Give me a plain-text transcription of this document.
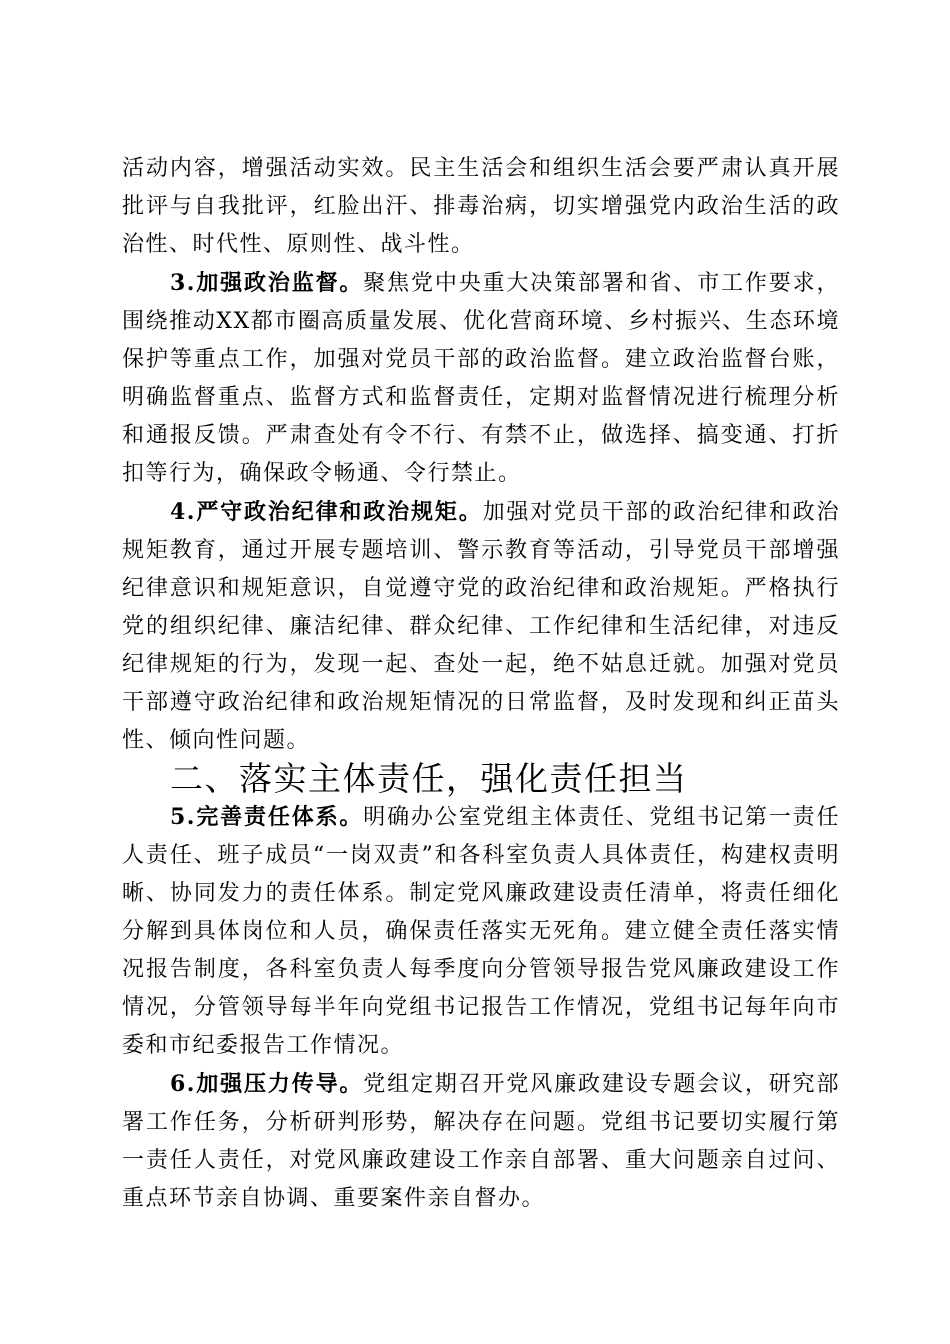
活动内容，增强活动实效。民主生活会和组织生活会要严肃认真开展批评与自我批评，红脸出汗、排毒治病，切实增强党内政治生活的政治性、时代性、原则性、战斗性。

3.加强政治监督。聚焦党中央重大决策部署和省、市工作要求，围绕推动XX都市圈高质量发展、优化营商环境、乡村振兴、生态环境保护等重点工作，加强对党员干部的政治监督。建立政治监督台账，明确监督重点、监督方式和监督责任，定期对监督情况进行梳理分析和通报反馈。严肃查处有令不行、有禁不止，做选择、搞变通、打折扣等行为，确保政令畅通、令行禁止。

4.严守政治纪律和政治规矩。加强对党员干部的政治纪律和政治规矩教育，通过开展专题培训、警示教育等活动，引导党员干部增强纪律意识和规矩意识，自觉遵守党的政治纪律和政治规矩。严格执行党的组织纪律、廉洁纪律、群众纪律、工作纪律和生活纪律，对违反纪律规矩的行为，发现一起、查处一起，绝不姑息迁就。加强对党员干部遵守政治纪律和政治规矩情况的日常监督，及时发现和纠正苗头性、倾向性问题。

二、落实主体责任，强化责任担当

5.完善责任体系。明确办公室党组主体责任、党组书记第一责任人责任、班子成员“一岗双责”和各科室负责人具体责任，构建权责明晰、协同发力的责任体系。制定党风廉政建设责任清单，将责任细化分解到具体岗位和人员，确保责任落实无死角。建立健全责任落实情况报告制度，各科室负责人每季度向分管领导报告党风廉政建设工作情况，分管领导每半年向党组书记报告工作情况，党组书记每年向市委和市纪委报告工作情况。

6.加强压力传导。党组定期召开党风廉政建设专题会议，研究部署工作任务，分析研判形势，解决存在问题。党组书记要切实履行第一责任人责任，对党风廉政建设工作亲自部署、重大问题亲自过问、重点环节亲自协调、重要案件亲自督办。
